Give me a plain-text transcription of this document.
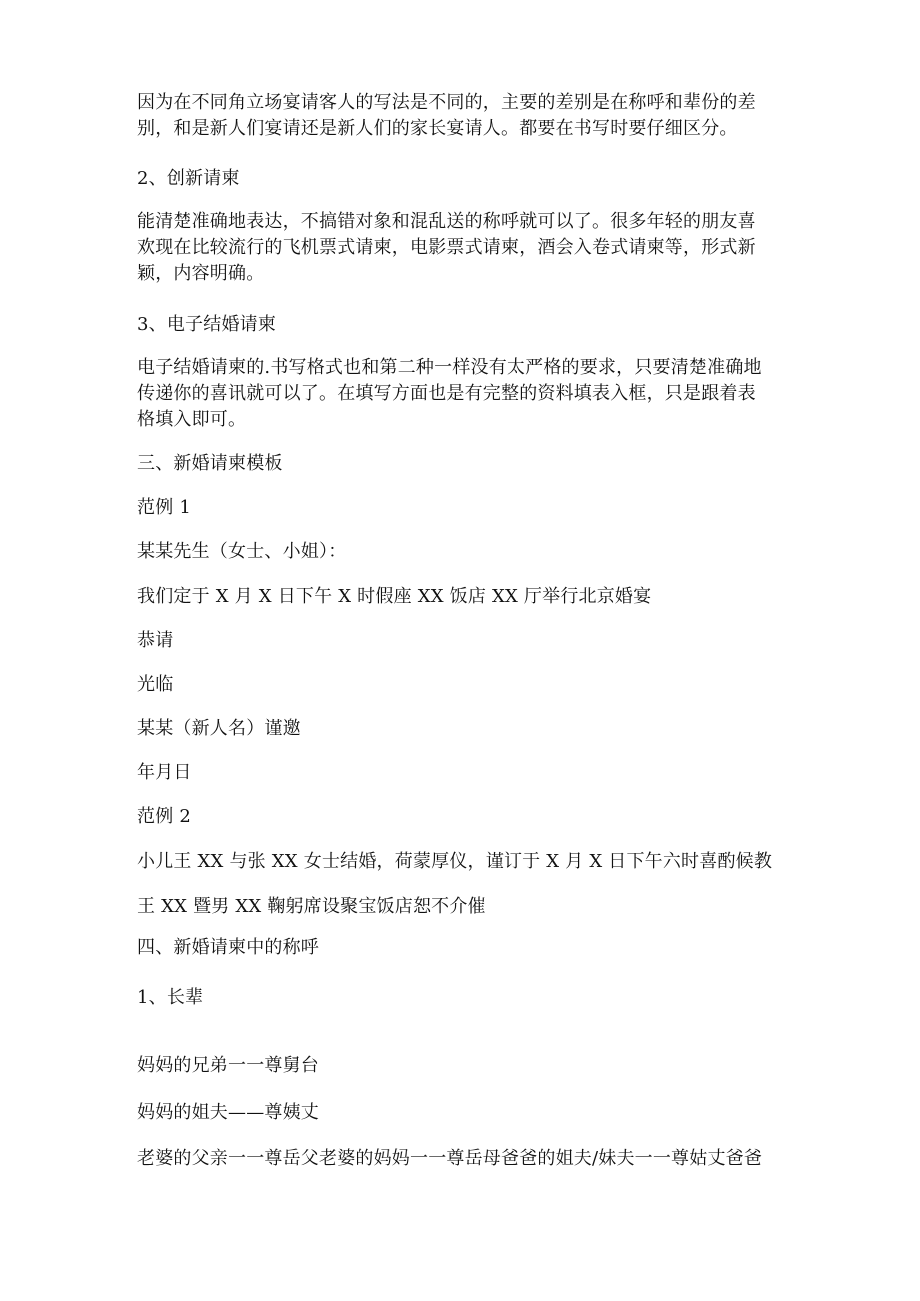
因为在不同角立场宴请客人的写法是不同的，主要的差别是在称呼和辈份的差
别，和是新人们宴请还是新人们的家长宴请人。都要在书写时要仔细区分。

2、创新请柬

能清楚准确地表达，不搞错对象和混乱送的称呼就可以了。很多年轻的朋友喜
欢现在比较流行的飞机票式请柬，电影票式请柬，酒会入卷式请柬等，形式新
颖，内容明确。

3、电子结婚请柬

电子结婚请柬的.书写格式也和第二种一样没有太严格的要求，只要清楚准确地
传递你的喜讯就可以了。在填写方面也是有完整的资料填表入框，只是跟着表
格填入即可。

三、新婚请柬模板

范例 1

某某先生（女士、小姐）：

我们定于 X 月 X 日下午 X 时假座 XX 饭店 XX 厅举行北京婚宴

恭请

光临

某某（新人名）谨邀

年月日

范例 2

小儿王 XX 与张 XX 女士结婚，荷蒙厚仪，谨订于 X 月 X 日下午六时喜酌候教

王 XX 暨男 XX 鞠躬席设聚宝饭店恕不介催

四、新婚请柬中的称呼

1、长辈

妈妈的兄弟一一尊舅台

妈妈的姐夫——尊姨丈

老婆的父亲一一尊岳父老婆的妈妈一一尊岳母爸爸的姐夫/妹夫一一尊姑丈爸爸
